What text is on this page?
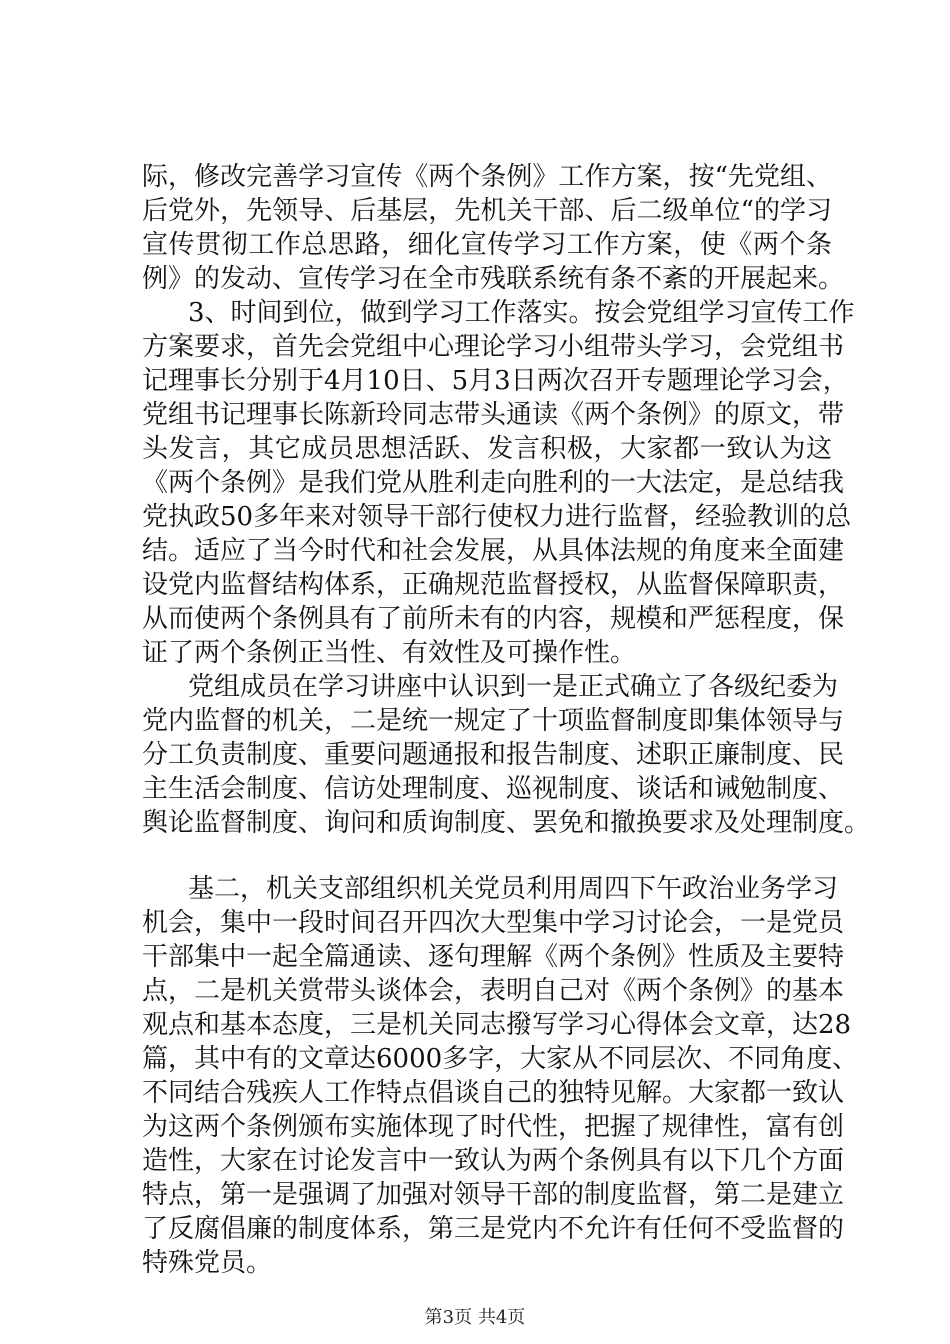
际，修改完善学习宣传《两个条例》工作方案，按“先党组、
后党外，先领导、后基层，先机关干部、后二级单位“的学习
宣传贯彻工作总思路，细化宣传学习工作方案，使《两个条
例》的发动、宣传学习在全市残联系统有条不紊的开展起来。
3、时间到位，做到学习工作落实。按会党组学习宣传工作
方案要求，首先会党组中心理论学习小组带头学习，会党组书
记理事长分别于4月10日、5月3日两次召开专题理论学习会，
党组书记理事长陈新玲同志带头通读《两个条例》的原文，带
头发言，其它成员思想活跃、发言积极，大家都一致认为这
《两个条例》是我们党从胜利走向胜利的一大法定，是总结我
党执政50多年来对领导干部行使权力进行监督，经验教训的总
结。适应了当今时代和社会发展，从具体法规的角度来全面建
设党内监督结构体系，正确规范监督授权，从监督保障职责，
从而使两个条例具有了前所未有的内容，规模和严惩程度，保
证了两个条例正当性、有效性及可操作性。
党组成员在学习讲座中认识到一是正式确立了各级纪委为
党内监督的机关，二是统一规定了十项监督制度即集体领导与
分工负责制度、重要问题通报和报告制度、述职正廉制度、民
主生活会制度、信访处理制度、巡视制度、谈话和诫勉制度、
舆论监督制度、询问和质询制度、罢免和撤换要求及处理制度。
基二，机关支部组织机关党员利用周四下午政治业务学习
机会，集中一段时间召开四次大型集中学习讨论会，一是党员
干部集中一起全篇通读、逐句理解《两个条例》性质及主要特
点，二是机关赏带头谈体会，表明自己对《两个条例》的基本
观点和基本态度，三是机关同志撥写学习心得体会文章，达28
篇，其中有的文章达6000多字，大家从不同层次、不同角度、
不同结合残疾人工作特点倡谈自己的独特见解。大家都一致认
为这两个条例颁布实施体现了时代性，把握了规律性，富有创
造性，大家在讨论发言中一致认为两个条例具有以下几个方面
特点，第一是强调了加强对领导干部的制度监督，第二是建立
了反腐倡廉的制度体系，第三是党内不允许有任何不受监督的
特殊党员。
第3页 共4页
